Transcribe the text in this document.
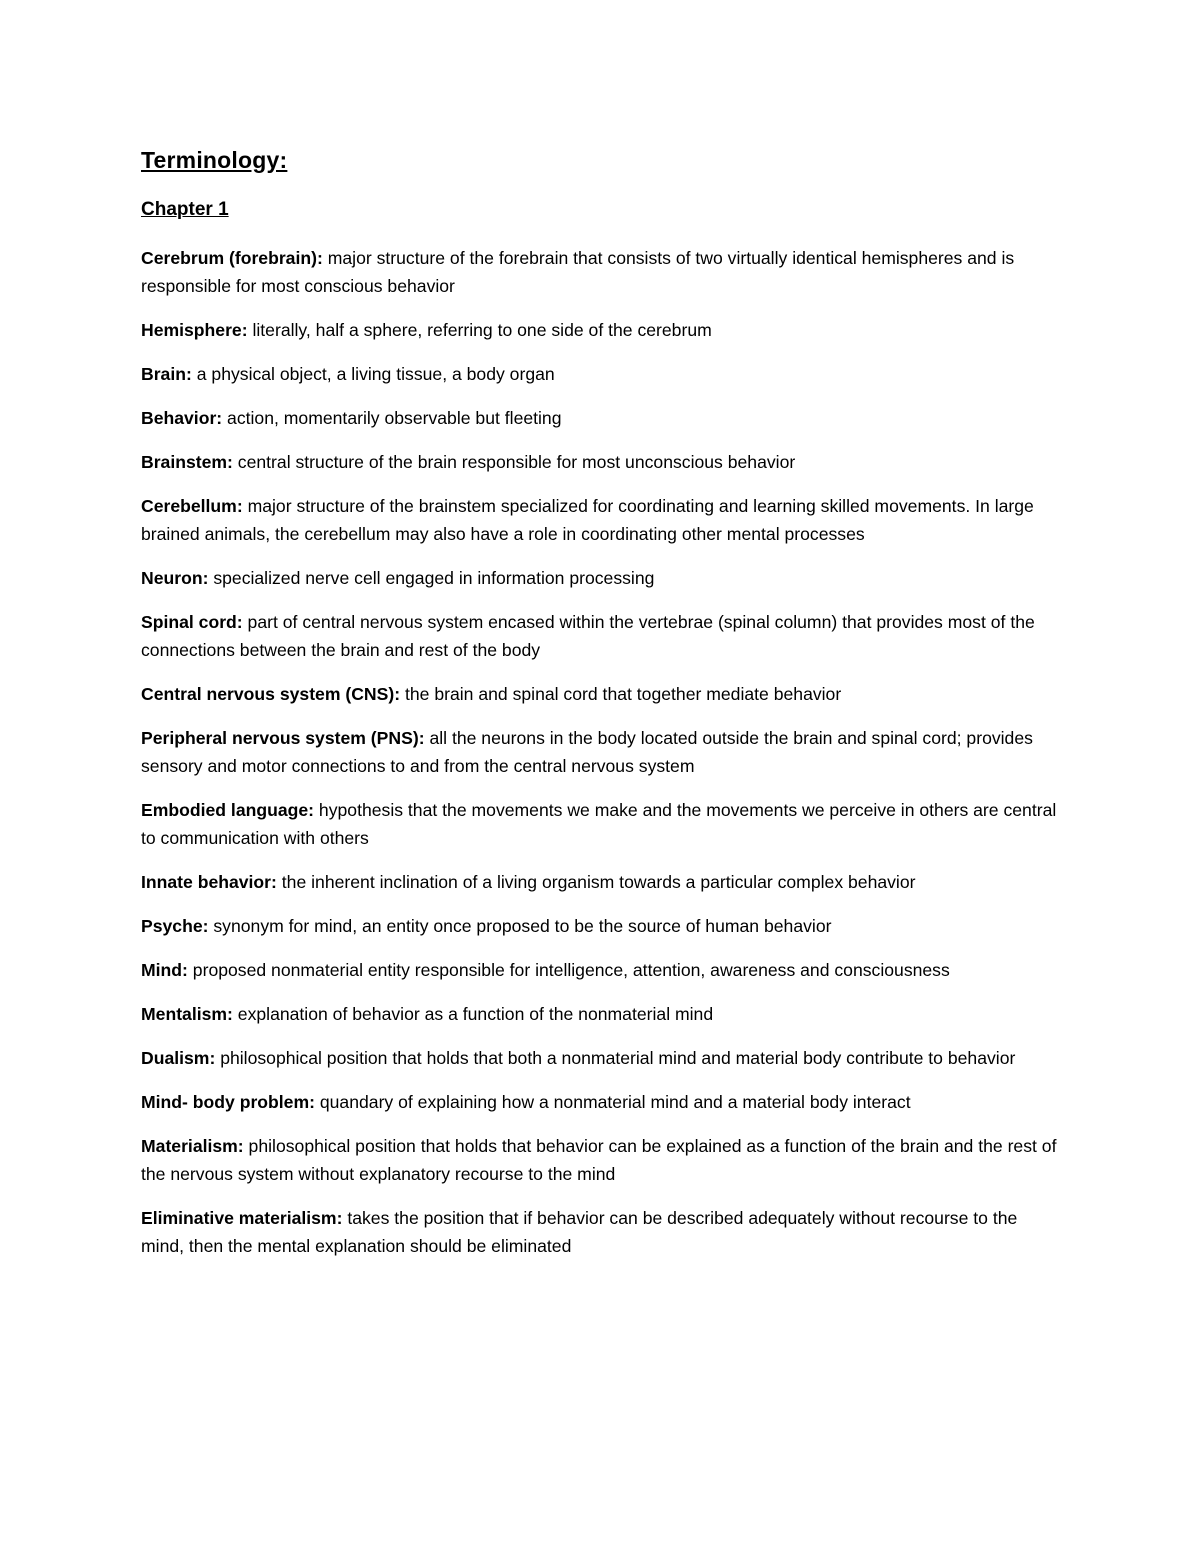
Terminology:
Chapter 1

Cerebrum (forebrain): major structure of the forebrain that consists of two virtually identical hemispheres and is responsible for most conscious behavior

Hemisphere: literally, half a sphere, referring to one side of the cerebrum

Brain: a physical object, a living tissue, a body organ

Behavior: action, momentarily observable but fleeting

Brainstem: central structure of the brain responsible for most unconscious behavior

Cerebellum: major structure of the brainstem specialized for coordinating and learning skilled movements. In large brained animals, the cerebellum may also have a role in coordinating other mental processes

Neuron: specialized nerve cell engaged in information processing

Spinal cord: part of central nervous system encased within the vertebrae (spinal column) that provides most of the connections between the brain and rest of the body

Central nervous system (CNS): the brain and spinal cord that together mediate behavior

Peripheral nervous system (PNS): all the neurons in the body located outside the brain and spinal cord; provides sensory and motor connections to and from the central nervous system

Embodied language: hypothesis that the movements we make and the movements we perceive in others are central to communication with others

Innate behavior: the inherent inclination of a living organism towards a particular complex behavior

Psyche: synonym for mind, an entity once proposed to be the source of human behavior

Mind: proposed nonmaterial entity responsible for intelligence, attention, awareness and consciousness

Mentalism: explanation of behavior as a function of the nonmaterial mind

Dualism: philosophical position that holds that both a nonmaterial mind and material body contribute to behavior

Mind- body problem: quandary of explaining how a nonmaterial mind and a material body interact

Materialism: philosophical position that holds that behavior can be explained as a function of the brain and the rest of the nervous system without explanatory recourse to the mind

Eliminative materialism: takes the position that if behavior can be described adequately without recourse to the mind, then the mental explanation should be eliminated
